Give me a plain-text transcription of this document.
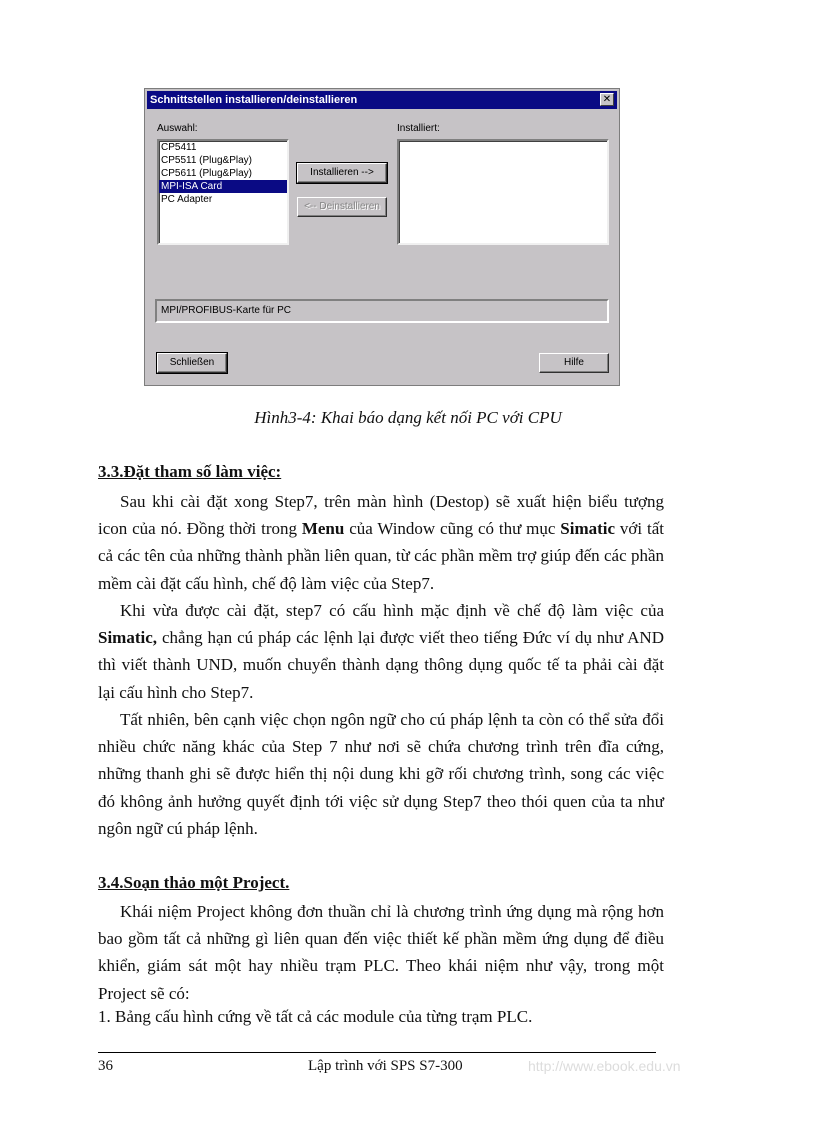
Schnittstellen installieren/deinstallieren	✕
Auswahl:	Installiert:
CP5411
CP5511 (Plug&Play)
CP5611 (Plug&Play)
MPI-ISA Card
PC Adapter
Installieren -->
<-- Deinstallieren
MPI/PROFIBUS-Karte für PC
Schließen	Hilfe
Hình3-4: Khai báo dạng kết nối PC với CPU
3.3.Đặt tham số làm việc:

Sau khi cài đặt xong Step7, trên màn hình (Destop) sẽ xuất hiện biểu tượng icon của nó. Đồng thời trong Menu của Window cũng có thư mục Simatic với tất cả các tên của những thành phần liên quan, từ các phần mềm trợ giúp đến các phần mềm cài đặt cấu hình, chế độ làm việc của Step7.

Khi vừa được cài đặt, step7 có cấu hình mặc định về chế độ làm việc của Simatic, chẳng hạn cú pháp các lệnh lại được viết theo tiếng Đức ví dụ như AND thì viết thành UND, muốn chuyển thành dạng thông dụng quốc tế ta phải cài đặt lại cấu hình cho Step7.

Tất nhiên, bên cạnh việc chọn ngôn ngữ cho cú pháp lệnh ta còn có thể sửa đổi nhiều chức năng khác của Step 7 như nơi sẽ chứa chương trình trên đĩa cứng, những thanh ghi sẽ được hiển thị nội dung khi gỡ rối chương trình, song các việc đó không ảnh hưởng quyết định tới việc sử dụng Step7 theo thói quen của ta như ngôn ngữ cú pháp lệnh.

3.4.Soạn thảo một Project.

Khái niệm Project không đơn thuần chỉ là chương trình ứng dụng mà rộng hơn bao gồm tất cả những gì liên quan đến việc thiết kế phần mềm ứng dụng để điều khiển, giám sát một hay nhiều trạm PLC. Theo khái niệm như vậy, trong một Project sẽ có:

1. Bảng cấu hình cứng về tất cả các module của từng trạm PLC.
36	Lập trình với SPS S7-300	http://www.ebook.edu.vn
